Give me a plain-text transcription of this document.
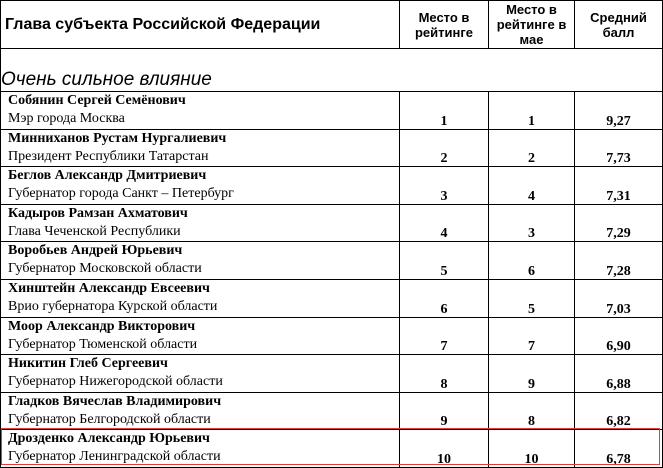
Глава субъекта Российской Федерации	Место в рейтинге	Место в рейтинге в мае	Средний балл
Очень сильное влияние			

Собянин Сергей Семёнович
Мэр города Москва	1	1	9,27

Минниханов Рустам Нургалиевич
Президент Республики Татарстан	2	2	7,73

Беглов Александр Дмитриевич
Губернатор города Санкт – Петербург	3	4	7,31

Кадыров Рамзан Ахматович
Глава Чеченской Республики	4	3	7,29

Воробьев Андрей Юрьевич
Губернатор Московской области	5	6	7,28

Хинштейн Александр Евсеевич
Врио губернатора Курской области	6	5	7,03

Моор Александр Викторович
Губернатор Тюменской области	7	7	6,90

Никитин Глеб Сергеевич
Губернатор Нижегородской области	8	9	6,88

Гладков Вячеслав Владимирович
Губернатор Белгородской области	9	8	6,82

Дрозденко Александр Юрьевич
Губернатор Ленинградской области	10	10	6,78
